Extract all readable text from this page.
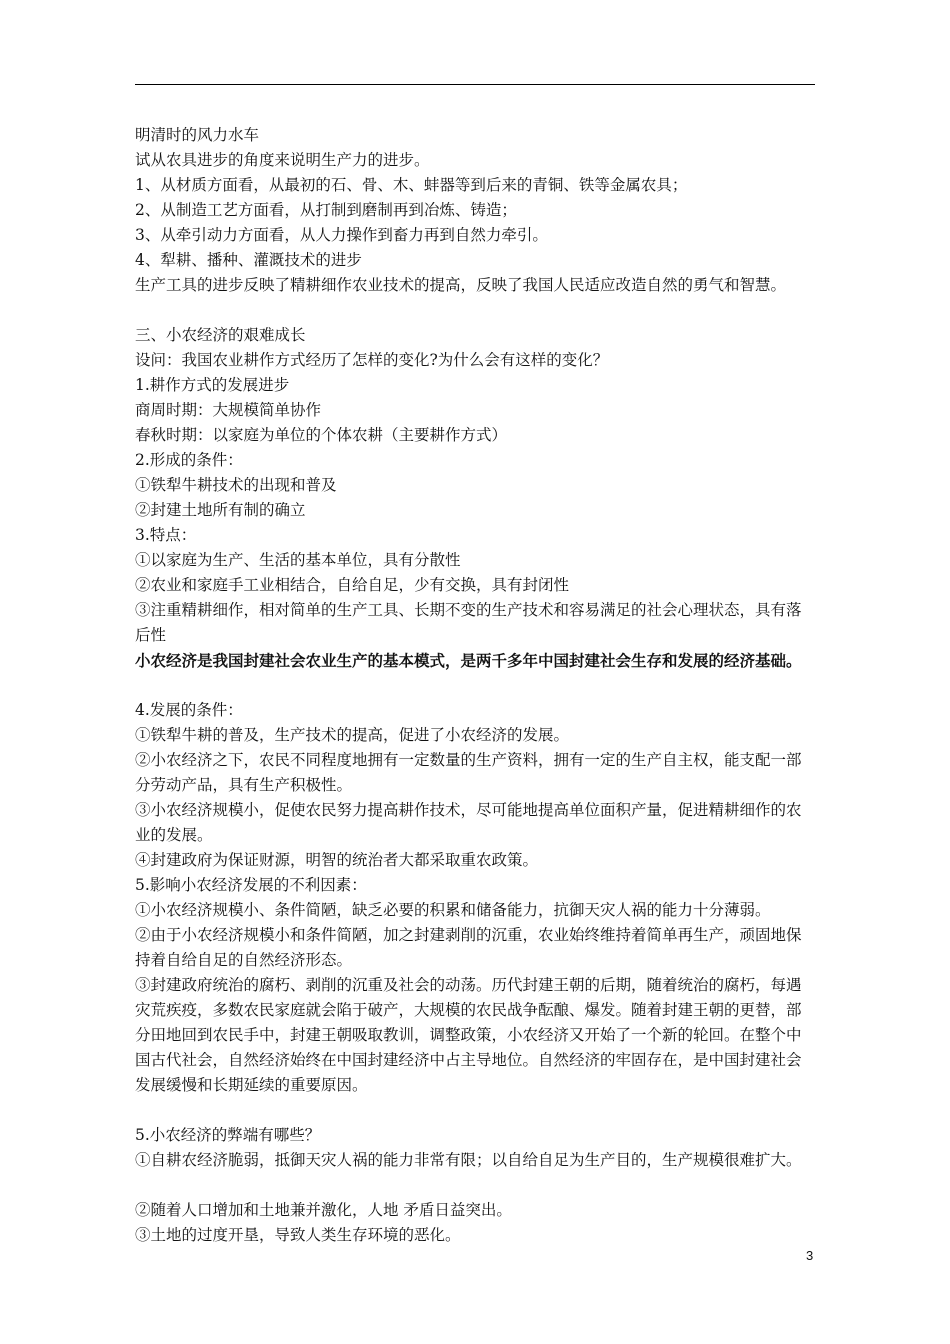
明清时的风力水车
试从农具进步的角度来说明生产力的进步。
1、从材质方面看，从最初的石、骨、木、蚌器等到后来的青铜、铁等金属农具；
2、从制造工艺方面看，从打制到磨制再到冶炼、铸造；
3、从牵引动力方面看，从人力操作到畜力再到自然力牵引。
4、犁耕、播种、灌溉技术的进步
生产工具的进步反映了精耕细作农业技术的提高，反映了我国人民适应改造自然的勇气和智慧。
三、小农经济的艰难成长
设问：我国农业耕作方式经历了怎样的变化?为什么会有这样的变化？
1.耕作方式的发展进步
商周时期：大规模简单协作
春秋时期：以家庭为单位的个体农耕（主要耕作方式）
2.形成的条件：
①铁犁牛耕技术的出现和普及
②封建土地所有制的确立
3.特点：
①以家庭为生产、生活的基本单位，具有分散性
②农业和家庭手工业相结合，自给自足，少有交换，具有封闭性
③注重精耕细作，相对简单的生产工具、长期不变的生产技术和容易满足的社会心理状态，具有落后性
小农经济是我国封建社会农业生产的基本模式，是两千多年中国封建社会生存和发展的经济基础。
4.发展的条件：
①铁犁牛耕的普及，生产技术的提高，促进了小农经济的发展。
②小农经济之下，农民不同程度地拥有一定数量的生产资料，拥有一定的生产自主权，能支配一部分劳动产品，具有生产积极性。
③小农经济规模小，促使农民努力提高耕作技术，尽可能地提高单位面积产量，促进精耕细作的农业的发展。
④封建政府为保证财源，明智的统治者大都采取重农政策。
5.影响小农经济发展的不利因素：
①小农经济规模小、条件简陋，缺乏必要的积累和储备能力，抗御天灾人祸的能力十分薄弱。
②由于小农经济规模小和条件简陋，加之封建剥削的沉重，农业始终维持着简单再生产，顽固地保持着自给自足的自然经济形态。
③封建政府统治的腐朽、剥削的沉重及社会的动荡。历代封建王朝的后期，随着统治的腐朽，每遇灾荒疾疫，多数农民家庭就会陷于破产，大规模的农民战争酝酿、爆发。随着封建王朝的更替，部分田地回到农民手中，封建王朝吸取教训，调整政策，小农经济又开始了一个新的轮回。在整个中国古代社会，自然经济始终在中国封建经济中占主导地位。自然经济的牢固存在，是中国封建社会发展缓慢和长期延续的重要原因。
5.小农经济的弊端有哪些？
①自耕农经济脆弱，抵御天灾人祸的能力非常有限；以自给自足为生产目的，生产规模很难扩大。
②随着人口增加和土地兼并激化，人地 矛盾日益突出。
③土地的过度开垦，导致人类生存环境的恶化。
3
